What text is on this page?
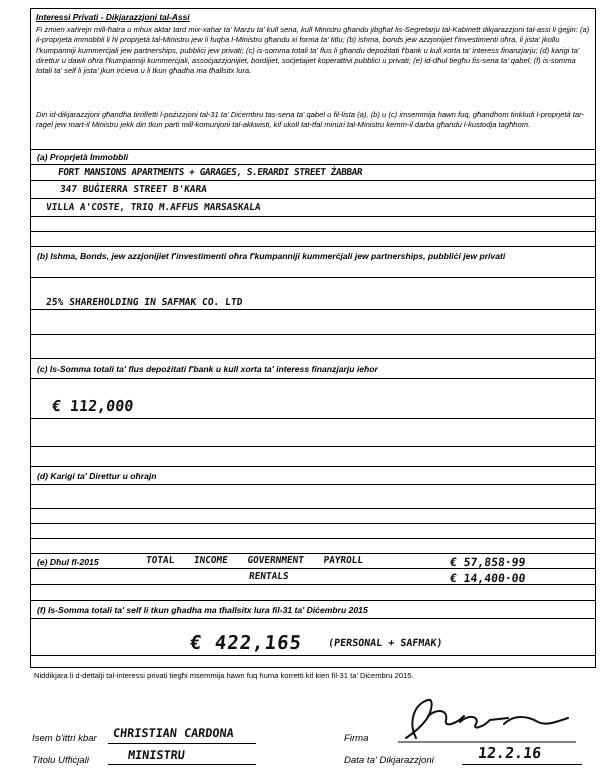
Interessi Privati - Dikjarazzjoni tal-Assi
Fi żmien xahrejn mill-ħatra u mhux aktar tard mix-xahar ta' Marzu ta' kull sena, kull Ministru għandu jibgħat lis-Segretarju tal-Kabinett dikjarazzjoni tal-assi li ġejjin: (a) il-proprjetà immobbli li hi proprjetà tal-Ministru jew li fuqha l-Ministru għandu xi forma ta' titlu; (b) ishma, bonds jew azzjonijiet f'investimenti oħra, li jista' jkollu f'kumpanniji kummerċjali jew partnerships, pubbliċi jew privati; (c) is-somma totali ta' flus li għandu depożitati f'bank u kull xorta ta' interess finanzjarju; (d) karigi ta' direttur u dawk oħra f'kumpanniji kummerċjali, assoċjazzjonijiet, bordijiet, soċjetajiet koperattivi pubbliċi u privati; (e) id-dħul tiegħu fis-sena ta' qabel; (f) is-somma totali ta' self li jista' jkun irċieva u li tkun għadha ma tħallsitx lura.
Din id-dikjarazzjoni għandha tirrifletti l-pożizzjoni tal-31 ta' Diċembru tas-sena ta' qabel u fil-lista (a), (b) u (c) imsemmija hawn fuq, għandhom tinkludi l-proprjetà tar-raġel jew mart-il Ministru jekk din tkun parti mill-komunjoni tal-akkwisti, kif ukoll tat-tfal minuri tal-Ministru kemm-il darba għandu l-kustodja tagħhom.
(a) Proprjetà Immobbli
FORT MANSIONS APARTMENTS + GARAGES, S.ERARDI STREET ŻABBAR
347 BUĠIERRA STREET B'KARA
VILLA A'COSTE, TRIQ M.AFFUS MARSASKALA
(b) Ishma, Bonds, jew azzjonijiet f'investimenti oħra f'kumpanniji kummerċjali jew partnerships, pubbliċi jew privati
25% SHAREHOLDING IN SAFMAK CO. LTD
(c) Is-Somma totali ta' flus depożitati f'bank u kull xorta ta' interess finanzjarju ieħor
€ 112,000
(d) Karigi ta' Direttur u oħrajn
(e) Dħul fl-2015	TOTAL INCOME GOVERNMENT PAYROLL	€ 57,858·99
RENTALS	€ 14,400·00
(f) Is-Somma totali ta' self li tkun għadha ma tħallsitx lura fil-31 ta' Diċembru 2015
€ 422,165 (PERSONAL + SAFMAK)
Niddikjara li d-dettalji tal-interessi privati tiegħi msemmija hawn fuq huma korretti kif kien fil-31 ta' Diċembru 2015.
Isem b'ittri kbar CHRISTIAN CARDONA
Titolu Uffiċjali	MINISTRU
Firma
Data ta' Dikjarazzjoni	12.2.16
